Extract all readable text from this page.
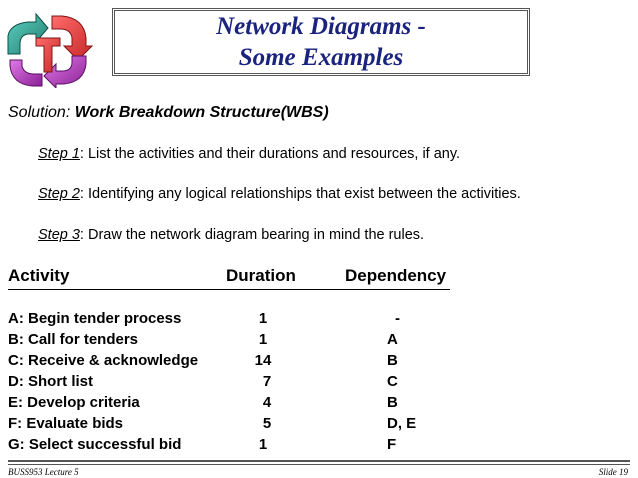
Network Diagrams -
Some Examples
Solution: Work Breakdown Structure(WBS)
Step 1: List the activities and their durations and resources, if any.
Step 2: Identifying any logical relationships that exist between the activities.
Step 3: Draw the network diagram bearing in mind the rules.
Activity	Duration	Dependency
A: Begin tender process	1	-
B: Call for tenders	1	A
C: Receive & acknowledge	14	B
D: Short list	7	C
E: Develop criteria	4	B
F: Evaluate bids	5	D, E
G: Select successful bid	1	F
BUSS953 Lecture 5	Slide 19
